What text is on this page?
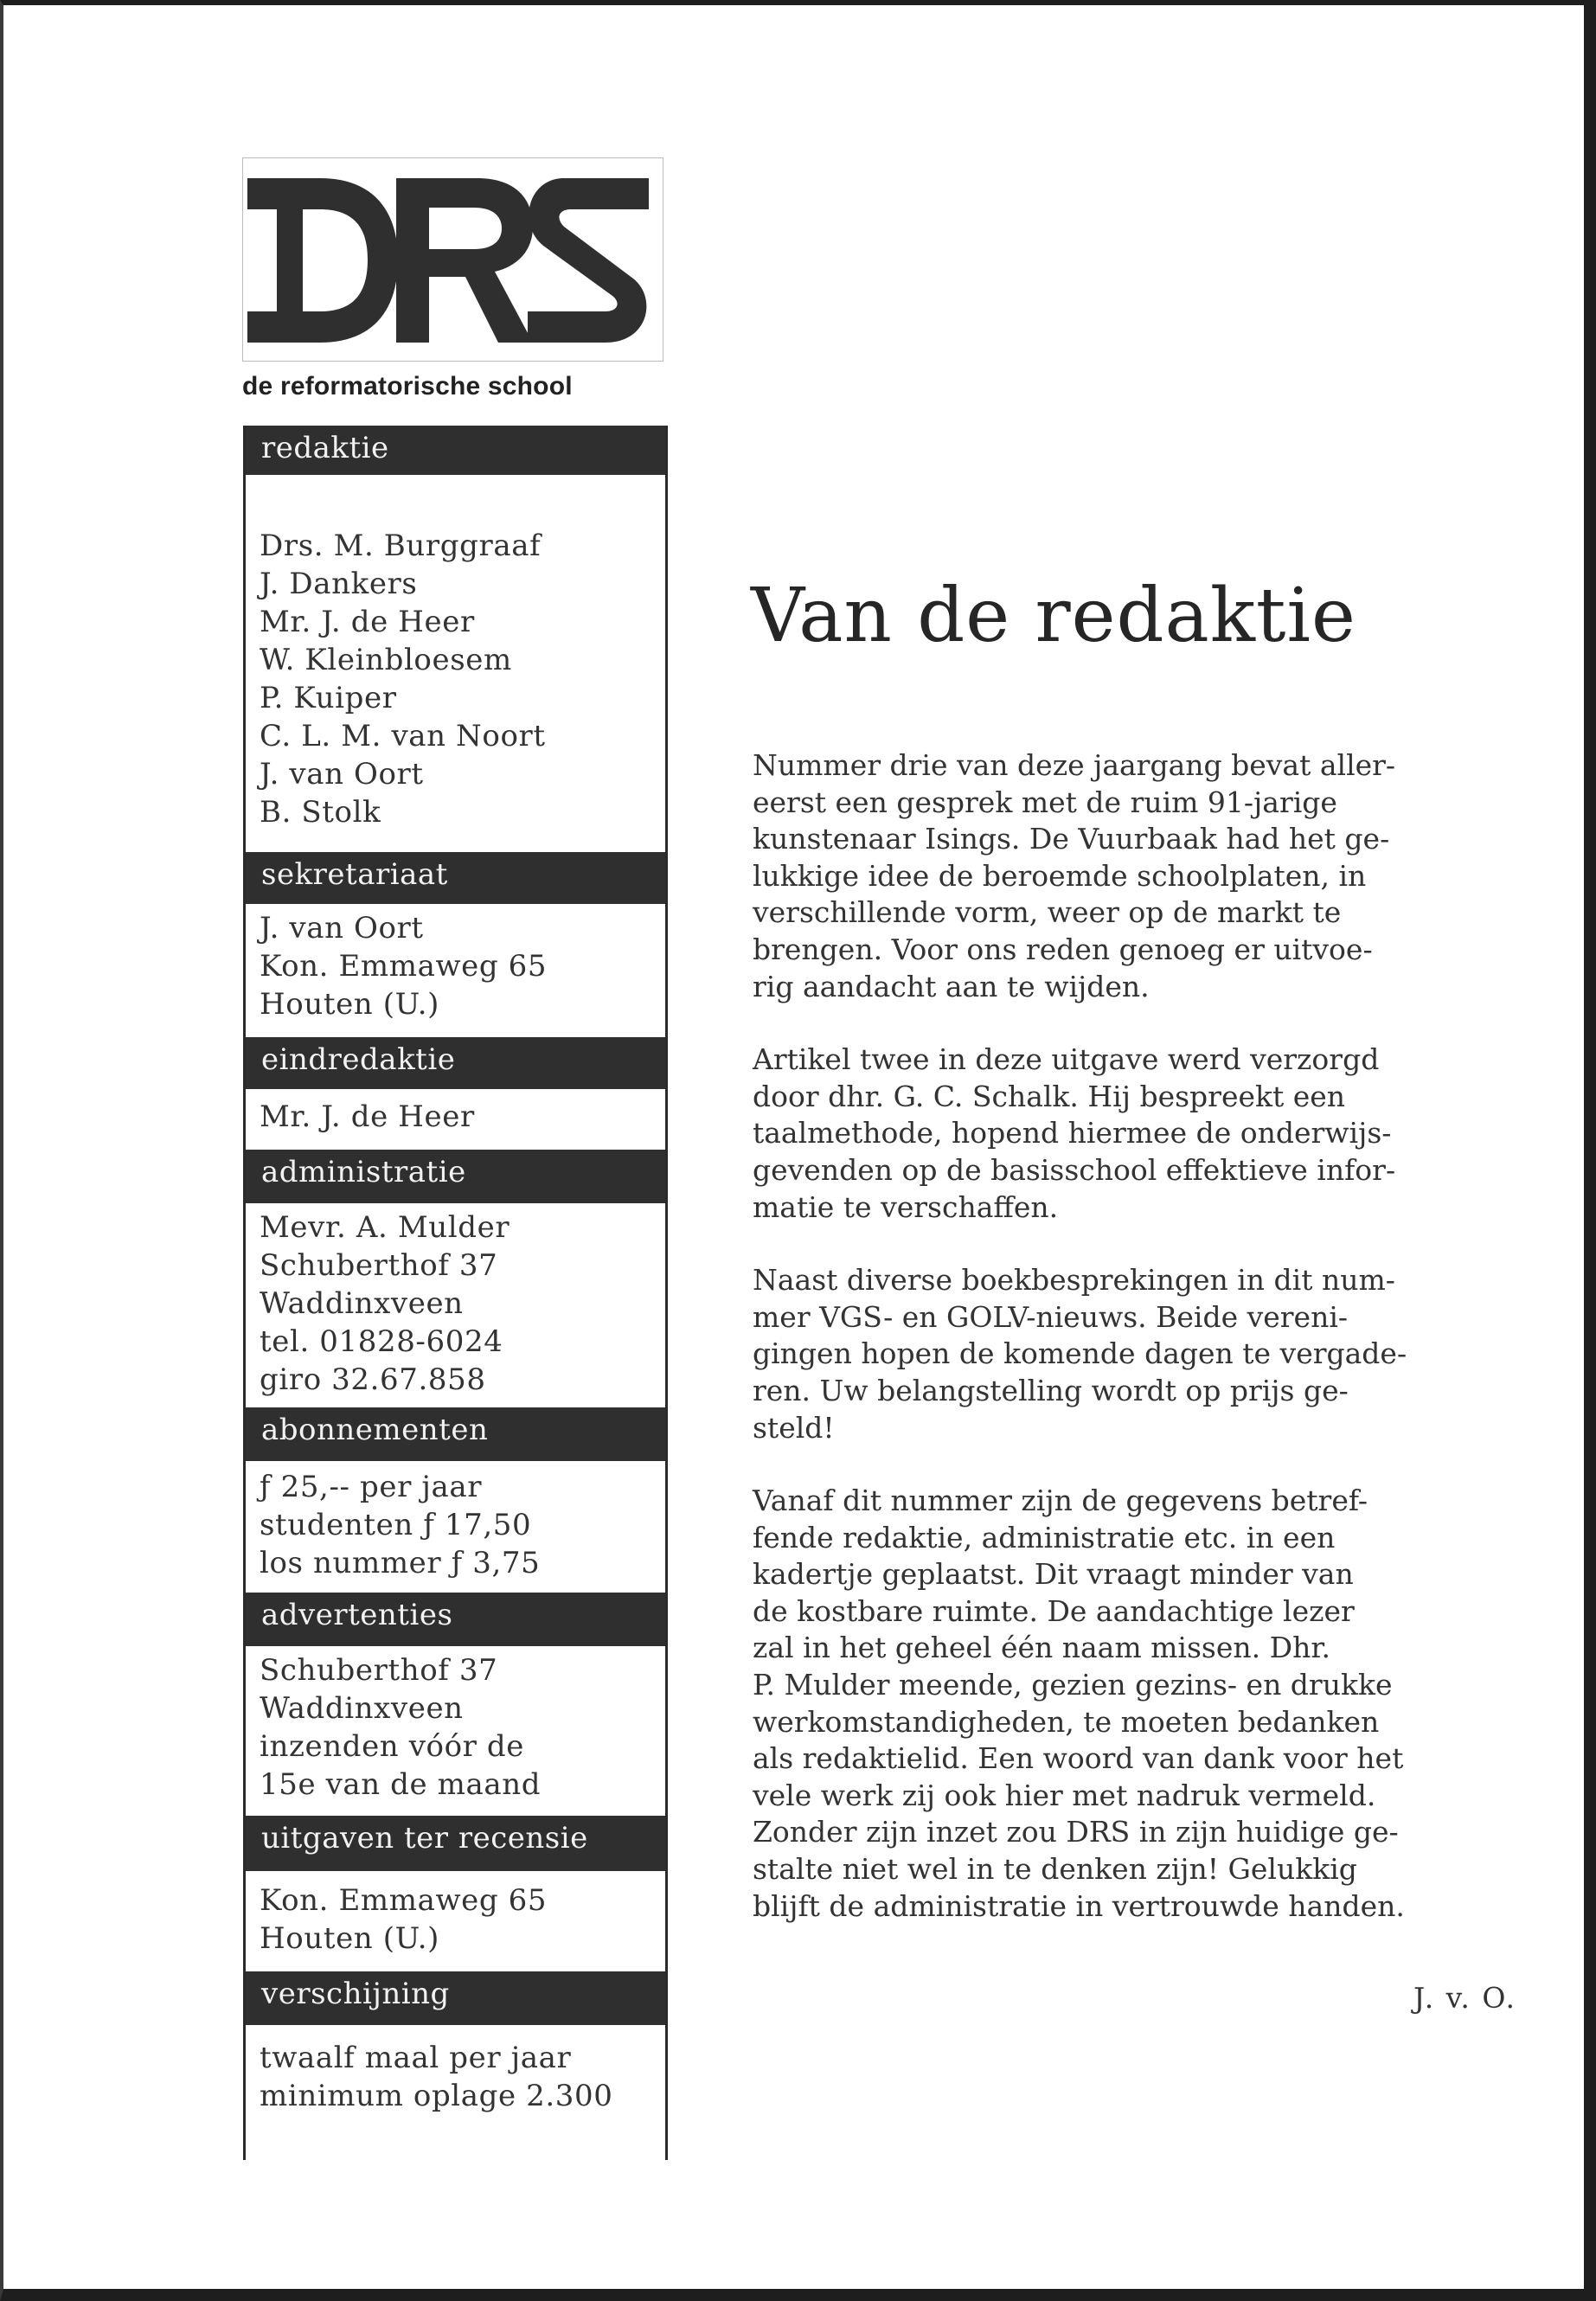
de reformatorische school
redaktie
Drs. M. Burggraaf
J. Dankers
Mr. J. de Heer
W. Kleinbloesem
P. Kuiper
C. L. M. van Noort
J. van Oort
B. Stolk
sekretariaat
J. van Oort
Kon. Emmaweg 65
Houten (U.)
eindredaktie
Mr. J. de Heer
administratie
Mevr. A. Mulder
Schuberthof 37
Waddinxveen
tel. 01828-6024
giro 32.67.858
abonnementen
ƒ 25,-- per jaar
studenten ƒ 17,50
los nummer ƒ 3,75
advertenties
Schuberthof 37
Waddinxveen
inzenden vóór de
15e van de maand
uitgaven ter recensie
Kon. Emmaweg 65
Houten (U.)
verschijning
twaalf maal per jaar
minimum oplage 2.300
Van de redaktie

Nummer drie van deze jaargang bevat aller-
eerst een gesprek met de ruim 91-jarige
kunstenaar Isings. De Vuurbaak had het ge-
lukkige idee de beroemde schoolplaten, in
verschillende vorm, weer op de markt te
brengen. Voor ons reden genoeg er uitvoe-
rig aandacht aan te wijden.

Artikel twee in deze uitgave werd verzorgd
door dhr. G. C. Schalk. Hij bespreekt een
taalmethode, hopend hiermee de onderwijs-
gevenden op de basisschool effektieve infor-
matie te verschaffen.

Naast diverse boekbesprekingen in dit num-
mer VGS- en GOLV-nieuws. Beide vereni-
gingen hopen de komende dagen te vergade-
ren. Uw belangstelling wordt op prijs ge-
steld!

Vanaf dit nummer zijn de gegevens betref-
fende redaktie, administratie etc. in een
kadertje geplaatst. Dit vraagt minder van
de kostbare ruimte. De aandachtige lezer
zal in het geheel één naam missen. Dhr.
P. Mulder meende, gezien gezins- en drukke
werkomstandigheden, te moeten bedanken
als redaktielid. Een woord van dank voor het
vele werk zij ook hier met nadruk vermeld.
Zonder zijn inzet zou DRS in zijn huidige ge-
stalte niet wel in te denken zijn! Gelukkig
blijft de administratie in vertrouwde handen.

J. v. O.
